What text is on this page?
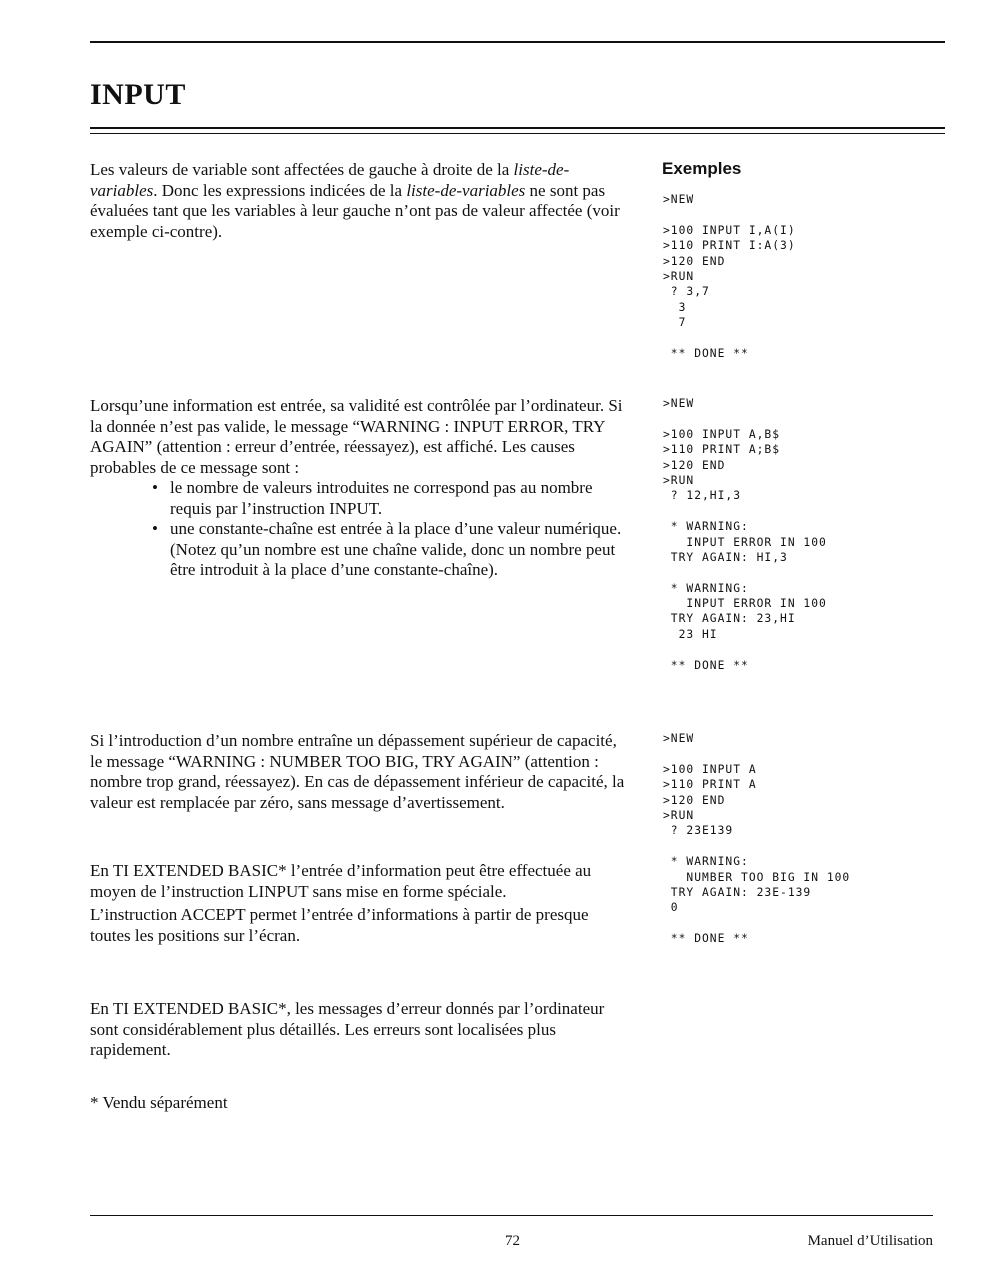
INPUT

Les valeurs de variable sont affectées de gauche à droite de la liste-de-variables. Donc les expressions indicées de la liste-de-variables ne sont pas évaluées tant que les variables à leur gauche n’ont pas de valeur affectée (voir exemple ci-contre).

Lorsqu’une information est entrée, sa validité est contrôlée par l’ordinateur. Si la donnée n’est pas valide, le message “WARNING : INPUT ERROR, TRY AGAIN” (attention : erreur d’entrée, réessayez), est affiché. Les causes probables de ce message sont :

• le nombre de valeurs introduites ne correspond pas au nombre requis par l’instruction INPUT.
• une constante-chaîne est entrée à la place d’une valeur numérique. (Notez qu’un nombre est une chaîne valide, donc un nombre peut être introduit à la place d’une constante-chaîne).

Si l’introduction d’un nombre entraîne un dépassement supérieur de capacité, le message “WARNING : NUMBER TOO BIG, TRY AGAIN” (attention : nombre trop grand, réessayez). En cas de dépassement inférieur de capacité, la valeur est remplacée par zéro, sans message d’avertissement.

En TI EXTENDED BASIC* l’entrée d’information peut être effectuée au moyen de l’instruction LINPUT sans mise en forme spéciale.

L’instruction ACCEPT permet l’entrée d’informations à partir de presque toutes les positions sur l’écran.

En TI EXTENDED BASIC*, les messages d’erreur donnés par l’ordinateur sont considérablement plus détaillés. Les erreurs sont localisées plus rapidement.

* Vendu séparément
Exemples
>NEW
>100 INPUT I,A(I)
>110 PRINT I:A(3)
>120 END
>RUN
? 3,7
3
7
** DONE **
>NEW
>100 INPUT A,B$
>110 PRINT A;B$
>120 END
>RUN
? 12,HI,3
* WARNING:
INPUT ERROR IN 100
TRY AGAIN: HI,3
* WARNING:
INPUT ERROR IN 100
TRY AGAIN: 23,HI
23 HI
** DONE **
>NEW
>100 INPUT A
>110 PRINT A
>120 END
>RUN
? 23E139
* WARNING:
NUMBER TOO BIG IN 100
TRY AGAIN: 23E-139
0
** DONE **
72	Manuel d’Utilisation
